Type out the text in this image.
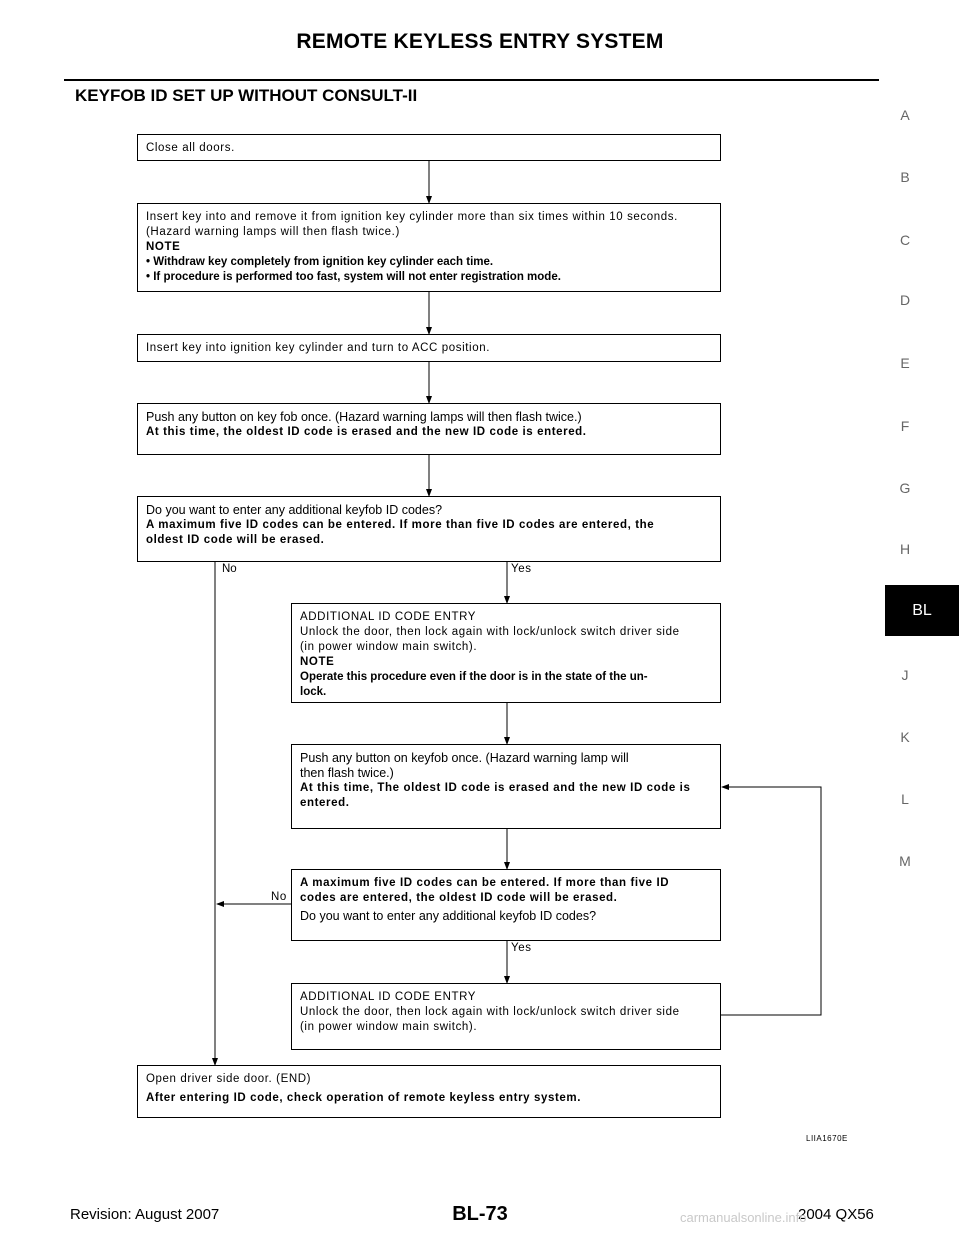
REMOTE KEYLESS ENTRY SYSTEM
KEYFOB ID SET UP WITHOUT CONSULT-II
A
B
C
D
E
F
G
H
BL
J
K
L
M
Close all doors.
Insert key into and remove it from ignition key cylinder more than six times within 10 seconds.
(Hazard warning lamps will then flash twice.)
NOTE
• Withdraw key completely from ignition key cylinder each time.
• If procedure is performed too fast, system will not enter registration mode.
Insert key into ignition key cylinder and turn to ACC position.
Push any button on key fob once. (Hazard warning lamps will then flash twice.)
At this time, the oldest ID code is erased and the new ID code is entered.
Do you want to enter any additional keyfob ID codes?
A maximum five ID codes can be entered. If more than five ID codes are entered, the
oldest ID code will be erased.
No	Yes
ADDITIONAL ID CODE ENTRY
Unlock the door, then lock again with lock/unlock switch driver side
(in power window main switch).
NOTE
Operate this procedure even if the door is in the state of the un-
lock.
Push any button on keyfob once. (Hazard warning lamp will
then flash twice.)
At this time, The oldest ID code is erased and the new ID code is
entered.
A maximum five ID codes can be entered. If more than five ID
codes are entered, the oldest ID code will be erased.
Do you want to enter any additional keyfob ID codes?
No
Yes
ADDITIONAL ID CODE ENTRY
Unlock the door, then lock again with lock/unlock switch driver side
(in power window main switch).
Open driver side door. (END)
After entering ID code, check operation of remote keyless entry system.
LIIA1670E
Revision: August 2007	BL-73	2004 QX56
carmanualsonline.info
